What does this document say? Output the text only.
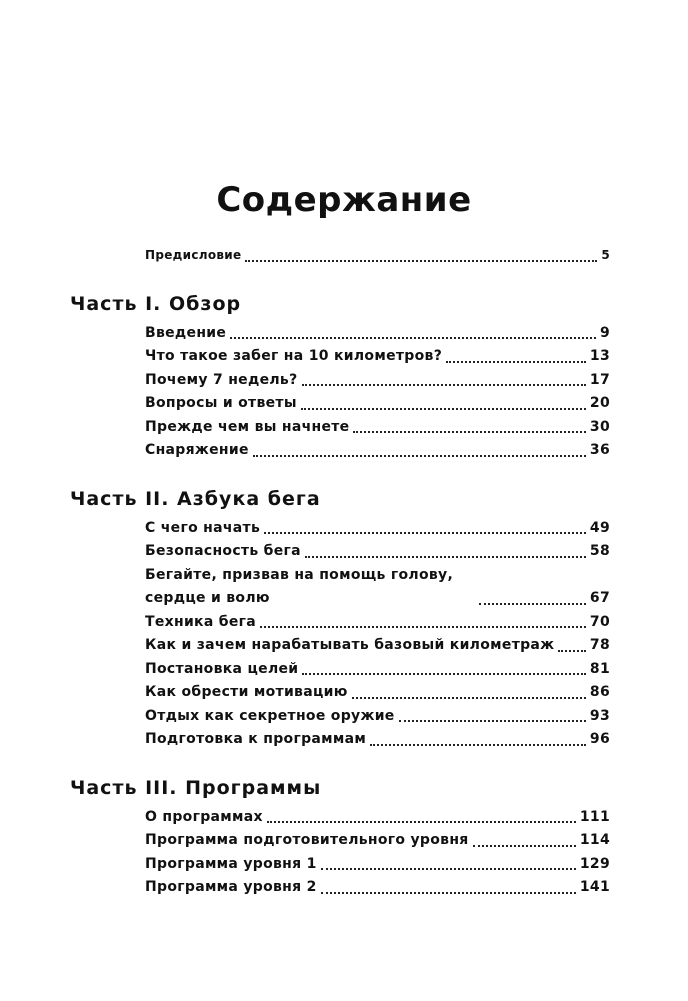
Содержание
Предисловие	5
Часть I. Обзор
Введение	9
Что такое забег на 10 километров?	13
Почему 7 недель?	17
Вопросы и ответы	20
Прежде чем вы начнете	30
Снаряжение	36
Часть II. Азбука бега
С чего начать	49
Безопасность бега	58
Бегайте, призвав на помощь голову, сердце и волю	67
Техника бега	70
Как и зачем нарабатывать базовый километраж	78
Постановка целей	81
Как обрести мотивацию	86
Отдых как секретное оружие	93
Подготовка к программам	96
Часть III. Программы
О программах	111
Программа подготовительного уровня	114
Программа уровня 1	129
Программа уровня 2	141
